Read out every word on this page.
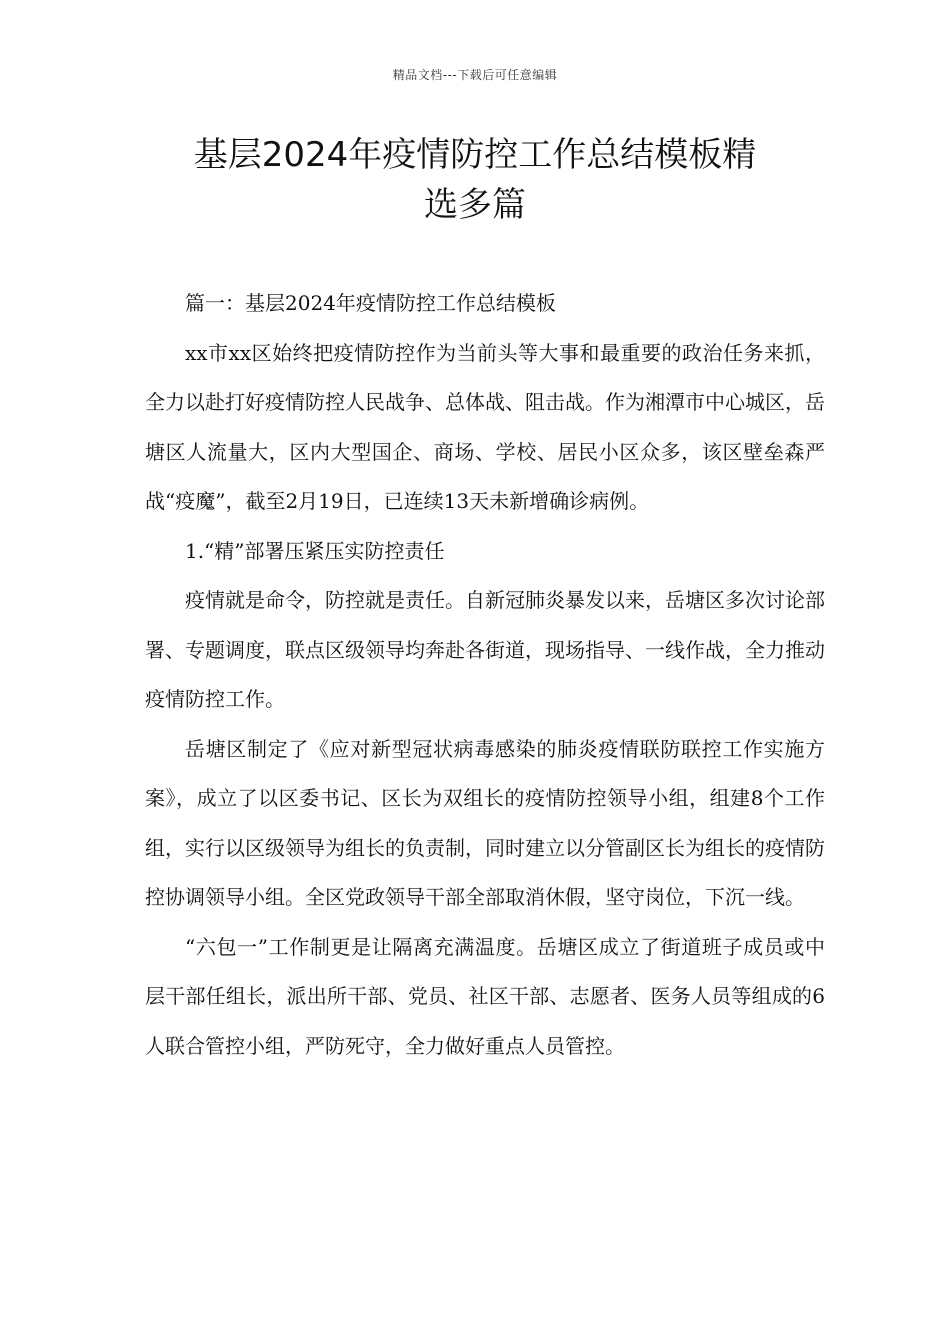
精品文档---下载后可任意编辑
基层2024年疫情防控工作总结模板精
选多篇

篇一：基层2024年疫情防控工作总结模板

xx市xx区始终把疫情防控作为当前头等大事和最重要的政治任务来抓，全力以赴打好疫情防控人民战争、总体战、阻击战。作为湘潭市中心城区，岳塘区人流量大，区内大型国企、商场、学校、居民小区众多，该区壁垒森严战“疫魔”，截至2月19日，已连续13天未新增确诊病例。

1.“精”部署压紧压实防控责任

疫情就是命令，防控就是责任。自新冠肺炎暴发以来，岳塘区多次讨论部署、专题调度，联点区级领导均奔赴各街道，现场指导、一线作战，全力推动疫情防控工作。

岳塘区制定了《应对新型冠状病毒感染的肺炎疫情联防联控工作实施方案》，成立了以区委书记、区长为双组长的疫情防控领导小组，组建8个工作组，实行以区级领导为组长的负责制，同时建立以分管副区长为组长的疫情防控协调领导小组。全区党政领导干部全部取消休假，坚守岗位，下沉一线。

“六包一”工作制更是让隔离充满温度。岳塘区成立了街道班子成员或中层干部任组长，派出所干部、党员、社区干部、志愿者、医务人员等组成的6人联合管控小组，严防死守，全力做好重点人员管控。
